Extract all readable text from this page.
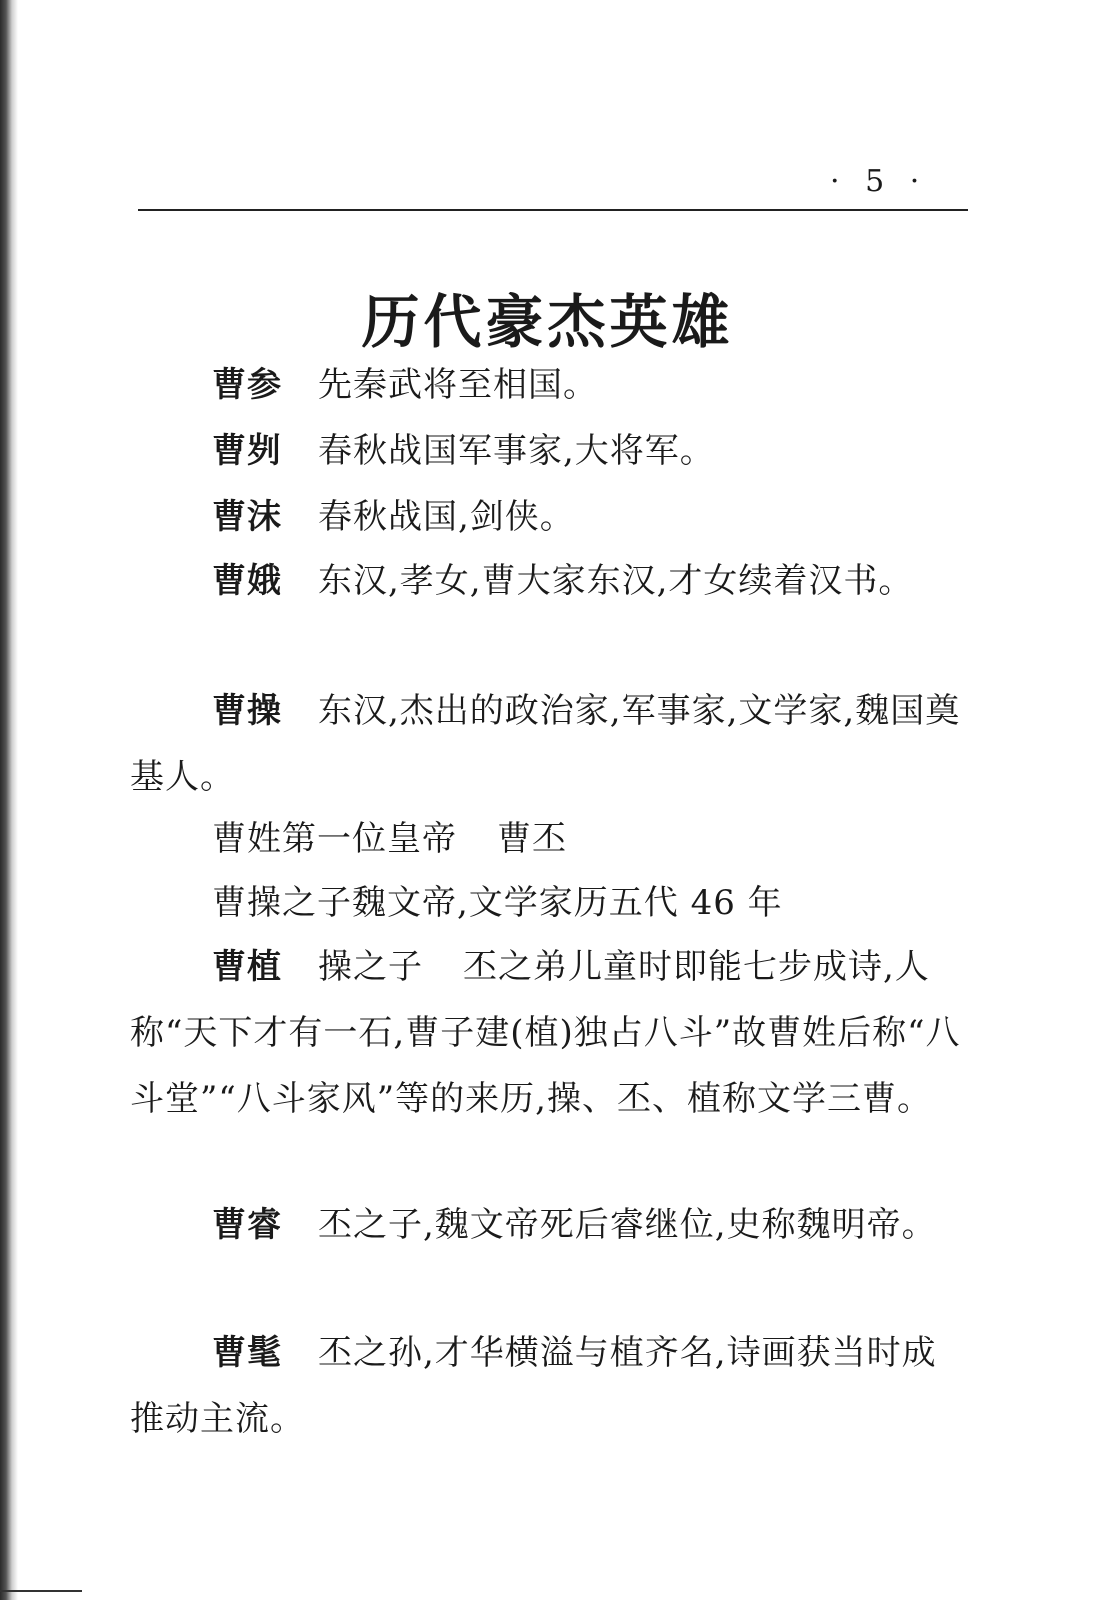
· 5 ·
历代豪杰英雄

曹参 先秦武将至相国。

曹刿 春秋战国军事家,大将军。

曹沫 春秋战国,剑侠。

曹娥 东汉,孝女,曹大家东汉,才女续着汉书。

曹操 东汉,杰出的政治家,军事家,文学家,魏国奠基人。

曹姓第一位皇帝 曹丕

曹操之子魏文帝,文学家历五代 46 年

曹植 操之子 丕之弟儿童时即能七步成诗,人称“天下才有一石,曹子建(植)独占八斗”故曹姓后称“八斗堂”“八斗家风”等的来历,操、丕、植称文学三曹。

曹睿 丕之子,魏文帝死后睿继位,史称魏明帝。

曹髦 丕之孙,才华横溢与植齐名,诗画获当时成推动主流。
